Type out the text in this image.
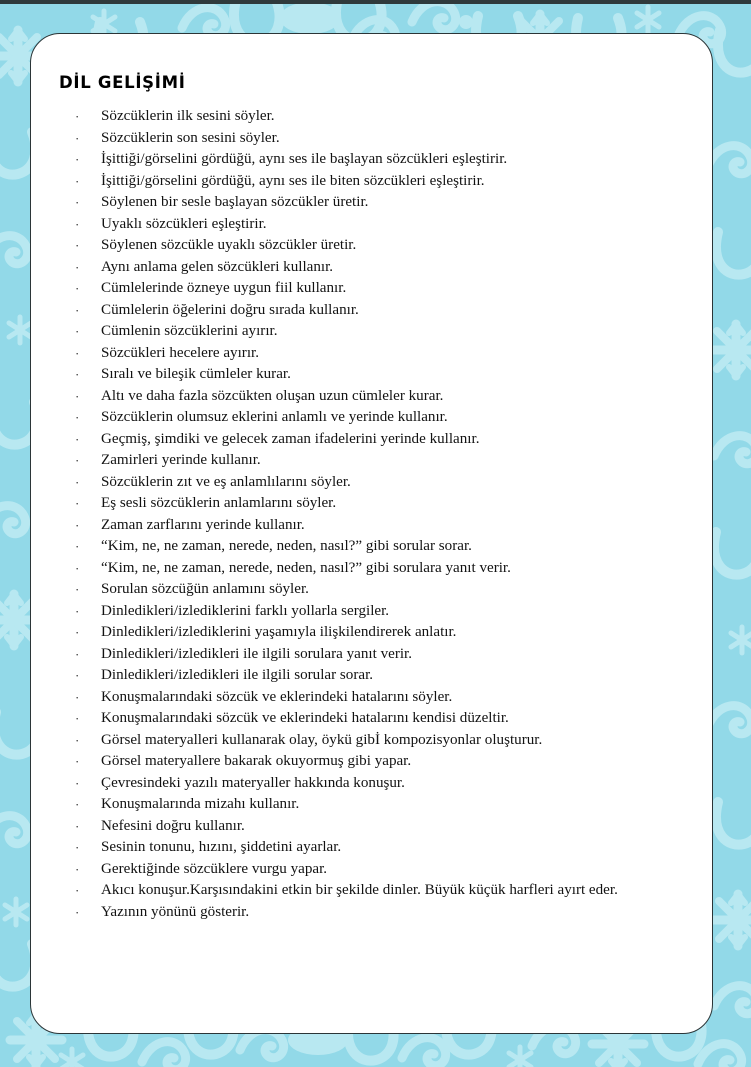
DİL GELİŞİMİ
·	Sözcüklerin ilk sesini söyler.
·	Sözcüklerin son sesini söyler.
·	İşittiği/görselini gördüğü, aynı ses ile başlayan sözcükleri eşleştirir.
·	İşittiği/görselini gördüğü, aynı ses ile biten sözcükleri eşleştirir.
·	Söylenen bir sesle başlayan sözcükler üretir.
·	Uyaklı sözcükleri eşleştirir.
·	Söylenen sözcükle uyaklı sözcükler üretir.
·	Aynı anlama gelen sözcükleri kullanır.
·	Cümlelerinde özneye uygun fiil kullanır.
·	Cümlelerin öğelerini doğru sırada kullanır.
·	Cümlenin sözcüklerini ayırır.
·	Sözcükleri hecelere ayırır.
·	Sıralı ve bileşik cümleler kurar.
·	Altı ve daha fazla sözcükten oluşan uzun cümleler kurar.
·	Sözcüklerin olumsuz eklerini anlamlı ve yerinde kullanır.
·	Geçmiş, şimdiki ve gelecek zaman ifadelerini yerinde kullanır.
·	Zamirleri yerinde kullanır.
·	Sözcüklerin zıt ve eş anlamlılarını söyler.
·	Eş sesli sözcüklerin anlamlarını söyler.
·	Zaman zarflarını yerinde kullanır.
·	“Kim, ne, ne zaman, nerede, neden, nasıl?” gibi sorular sorar.
·	“Kim, ne, ne zaman, nerede, neden, nasıl?” gibi sorulara yanıt verir.
·	Sorulan sözcüğün anlamını söyler.
·	Dinledikleri/izlediklerini farklı yollarla sergiler.
·	Dinledikleri/izlediklerini yaşamıyla ilişkilendirerek anlatır.
·	Dinledikleri/izledikleri ile ilgili sorulara yanıt verir.
·	Dinledikleri/izledikleri ile ilgili sorular sorar.
·	Konuşmalarındaki sözcük ve eklerindeki hatalarını söyler.
·	Konuşmalarındaki sözcük ve eklerindeki hatalarını kendisi düzeltir.
·	Görsel materyalleri kullanarak olay, öykü gibİ kompozisyonlar oluşturur.
·	Görsel materyallere bakarak okuyormuş gibi yapar.
·	Çevresindeki yazılı materyaller hakkında konuşur.
·	Konuşmalarında mizahı kullanır.
·	Nefesini doğru kullanır.
·	Sesinin tonunu, hızını, şiddetini ayarlar.
·	Gerektiğinde sözcüklere vurgu yapar.
·	Akıcı konuşur.Karşısındakini etkin bir şekilde dinler. Büyük küçük harfleri ayırt eder.
·	Yazının yönünü gösterir.
